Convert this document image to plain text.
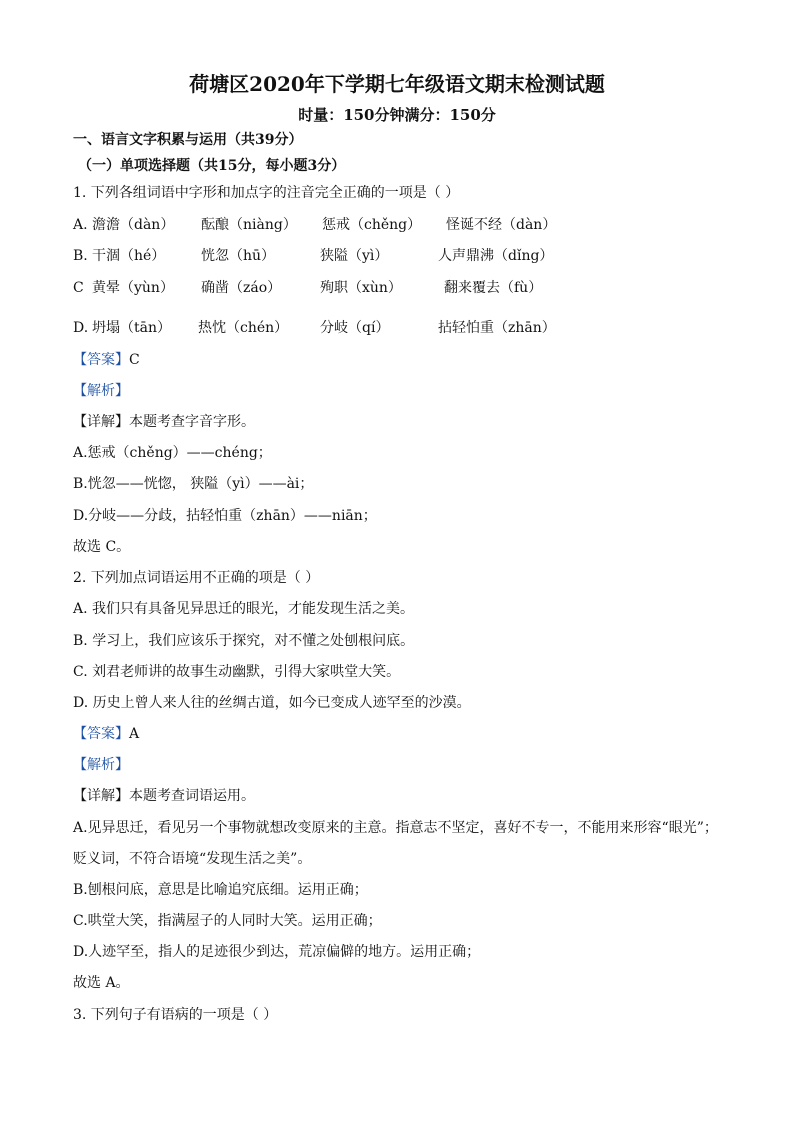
荷塘区2020年下学期七年级语文期末检测试题
时量：150分钟满分：150分
一、语言文字积累与运用（共39分）
（一）单项选择题（共15分，每小题3分）
1. 下列各组词语中字形和加点字的注音完全正确的一项是（ ）
A. 澹澹（dàn） 酝酿（niàng） 惩戒（chěng） 怪诞不经（dàn）
B. 干涸（hé）	恍忽（hū）	狭隘（yì）	人声鼎沸（dǐng）
C 黄晕（yùn） 确凿（záo）	殉职（xùn）	翻来覆去（fù）
D. 坍塌（tān） 热忱（chén） 分岐（qí）	拈轻怕重（zhān）
【答案】C
【解析】
【详解】本题考查字音字形。
A.惩戒（chěng）——chéng；
B.恍忽——恍惚， 狭隘（yì）——ài；
D.分岐——分歧，拈轻怕重（zhān）——niān；
故选 C。
2. 下列加点词语运用不正确的项是（ ）
A. 我们只有具备见异思迁的眼光，才能发现生活之美。
B. 学习上，我们应该乐于探究，对不懂之处刨根问底。
C. 刘君老师讲的故事生动幽默，引得大家哄堂大笑。
D. 历史上曾人来人往的丝绸古道，如今已变成人迹罕至的沙漠。
【答案】A
【解析】
【详解】本题考查词语运用。
A.见异思迁，看见另一个事物就想改变原来的主意。指意志不坚定，喜好不专一，不能用来形容“眼光”；
贬义词，不符合语境“发现生活之美”。
B.刨根问底，意思是比喻追究底细。运用正确；
C.哄堂大笑，指满屋子的人同时大笑。运用正确；
D.人迹罕至，指人的足迹很少到达，荒凉偏僻的地方。运用正确；
故选 A。
3. 下列句子有语病的一项是（ ）
